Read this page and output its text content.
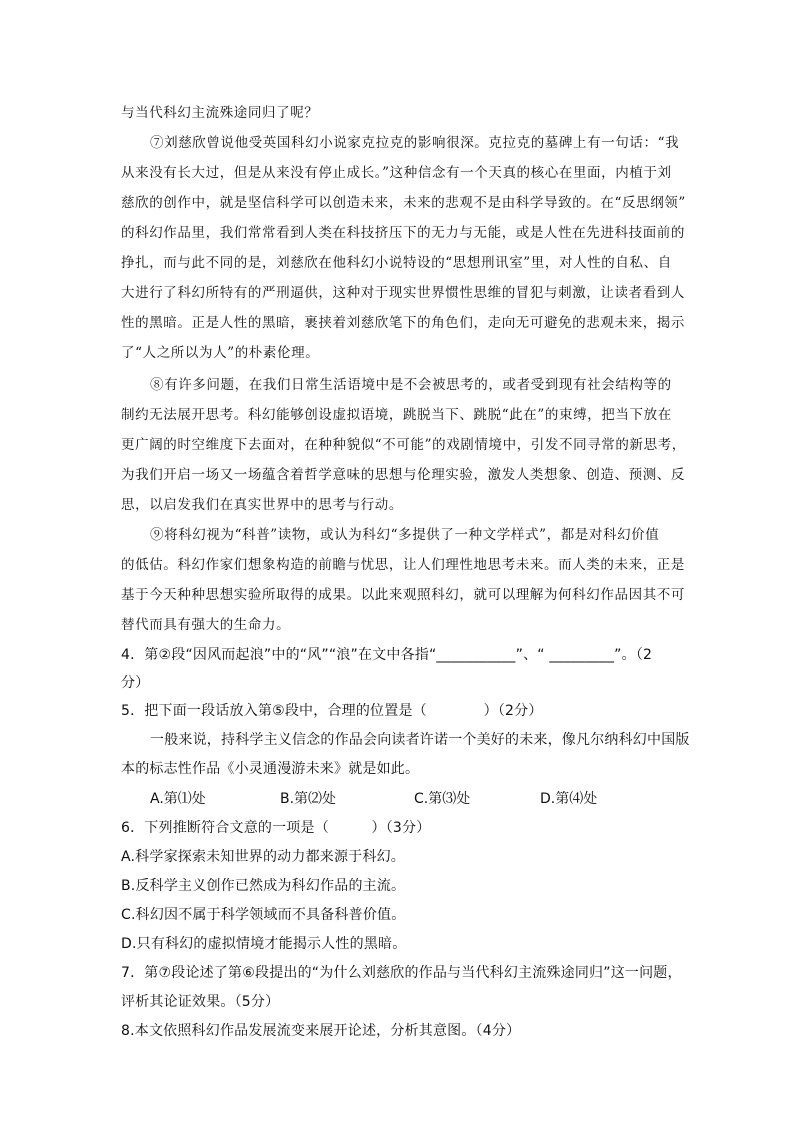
与当代科幻主流殊途同归了呢？
⑦刘慈欣曾说他受英国科幻小说家克拉克的影响很深。克拉克的墓碑上有一句话：“我
从来没有长大过，但是从来没有停止成长。”这种信念有一个天真的核心在里面，内植于刘
慈欣的创作中，就是坚信科学可以创造未来，未来的悲观不是由科学导致的。在“反思纲领”
的科幻作品里，我们常常看到人类在科技挤压下的无力与无能，或是人性在先进科技面前的
挣扎，而与此不同的是，刘慈欣在他科幻小说特设的“思想刑讯室”里，对人性的自私、自
大进行了科幻所特有的严刑逼供，这种对于现实世界惯性思维的冒犯与刺激，让读者看到人
性的黑暗。正是人性的黑暗，裹挟着刘慈欣笔下的角色们，走向无可避免的悲观未来，揭示
了“人之所以为人”的朴素伦理。
⑧有许多问题，在我们日常生活语境中是不会被思考的，或者受到现有社会结构等的
制约无法展开思考。科幻能够创设虚拟语境，跳脱当下、跳脱“此在”的束缚，把当下放在
更广阔的时空维度下去面对，在种种貌似“不可能”的戏剧情境中，引发不同寻常的新思考，
为我们开启一场又一场蕴含着哲学意味的思想与伦理实验，激发人类想象、创造、预测、反
思，以启发我们在真实世界中的思考与行动。
⑨将科幻视为“科普”读物，或认为科幻“多提供了一种文学样式”，都是对科幻价值
的低估。科幻作家们想象构造的前瞻与忧思，让人们理性地思考未来。而人类的未来，正是
基于今天种种思想实验所取得的成果。以此来观照科幻，就可以理解为何科幻作品因其不可
替代而具有强大的生命力。
4．第②段“因风而起浪”中的“风”“浪”在文中各指“___________”、“ _________”。（2
分）
5．把下面一段话放入第⑤段中，合理的位置是（　　　　）（2分）
一般来说，持科学主义信念的作品会向读者许诺一个美好的未来，像凡尔纳科幻中国版
本的标志性作品《小灵通漫游未来》就是如此。
A.第⑴处	B.第⑵处	C.第⑶处	D.第⑷处
6．下列推断符合文意的一项是（　　　）（3分）
A.科学家探索未知世界的动力都来源于科幻。
B.反科学主义创作已然成为科幻作品的主流。
C.科幻因不属于科学领域而不具备科普价值。
D.只有科幻的虚拟情境才能揭示人性的黑暗。
7．第⑦段论述了第⑥段提出的“为什么刘慈欣的作品与当代科幻主流殊途同归”这一问题，
评析其论证效果。（5分）
8.本文依照科幻作品发展流变来展开论述，分析其意图。（4分）
